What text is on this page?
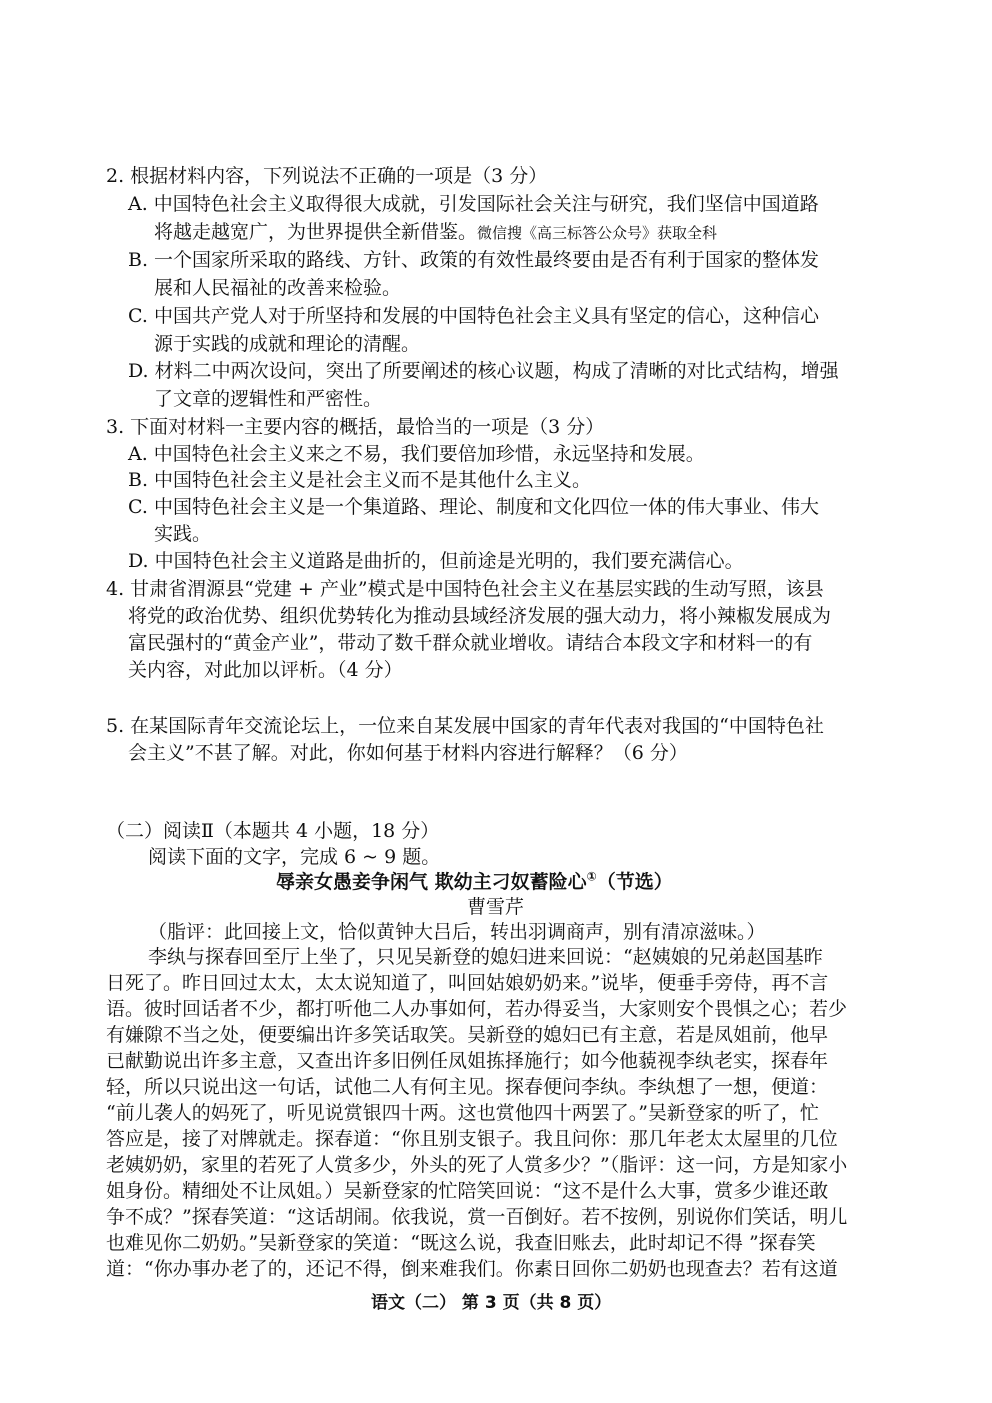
2. 根据材料内容，下列说法不正确的一项是（3 分）
A. 中国特色社会主义取得很大成就，引发国际社会关注与研究，我们坚信中国道路
将越走越宽广，为世界提供全新借鉴。微信搜《高三标答公众号》获取全科
B. 一个国家所采取的路线、方针、政策的有效性最终要由是否有利于国家的整体发
展和人民福祉的改善来检验。
C. 中国共产党人对于所坚持和发展的中国特色社会主义具有坚定的信心，这种信心
源于实践的成就和理论的清醒。
D. 材料二中两次设问，突出了所要阐述的核心议题，构成了清晰的对比式结构，增强
了文章的逻辑性和严密性。
3. 下面对材料一主要内容的概括，最恰当的一项是（3 分）
A. 中国特色社会主义来之不易，我们要倍加珍惜，永远坚持和发展。
B. 中国特色社会主义是社会主义而不是其他什么主义。
C. 中国特色社会主义是一个集道路、理论、制度和文化四位一体的伟大事业、伟大
实践。
D. 中国特色社会主义道路是曲折的，但前途是光明的，我们要充满信心。
4. 甘肃省渭源县“党建 + 产业”模式是中国特色社会主义在基层实践的生动写照，该县
将党的政治优势、组织优势转化为推动县域经济发展的强大动力，将小辣椒发展成为
富民强村的“黄金产业”，带动了数千群众就业增收。请结合本段文字和材料一的有
关内容，对此加以评析。（4 分）
5. 在某国际青年交流论坛上，一位来自某发展中国家的青年代表对我国的“中国特色社
会主义”不甚了解。对此，你如何基于材料内容进行解释？（6 分）
（二）阅读Ⅱ（本题共 4 小题，18 分）
阅读下面的文字，完成 6 ~ 9 题。
辱亲女愚妾争闲气 欺幼主刁奴蓄险心①（节选）
曹雪芹
（脂评：此回接上文，恰似黄钟大吕后，转出羽调商声，别有清凉滋味。）
李纨与探春回至厅上坐了，只见吴新登的媳妇进来回说：“赵姨娘的兄弟赵国基昨
日死了。昨日回过太太，太太说知道了，叫回姑娘奶奶来。”说毕，便垂手旁侍，再不言
语。彼时回话者不少，都打听他二人办事如何，若办得妥当，大家则安个畏惧之心；若少
有嫌隙不当之处，便要编出许多笑话取笑。吴新登的媳妇已有主意，若是凤姐前，他早
已献勤说出许多主意，又查出许多旧例任凤姐拣择施行；如今他藐视李纨老实，探春年
轻，所以只说出这一句话，试他二人有何主见。探春便问李纨。李纨想了一想，便道：
“前儿袭人的妈死了，听见说赏银四十两。这也赏他四十两罢了。”吴新登家的听了，忙
答应是，接了对牌就走。探春道：“你且别支银子。我且问你：那几年老太太屋里的几位
老姨奶奶，家里的若死了人赏多少，外头的死了人赏多少？”（脂评：这一问，方是知家小
姐身份。精细处不让凤姐。）吴新登家的忙陪笑回说：“这不是什么大事，赏多少谁还敢
争不成？”探春笑道：“这话胡闹。依我说，赏一百倒好。若不按例，别说你们笑话，明儿
也难见你二奶奶。”吴新登家的笑道：“既这么说，我查旧账去，此时却记不得 ”探春笑
道：“你办事办老了的，还记不得，倒来难我们。你素日回你二奶奶也现查去？若有这道
语文（二） 第 3 页（共 8 页）
